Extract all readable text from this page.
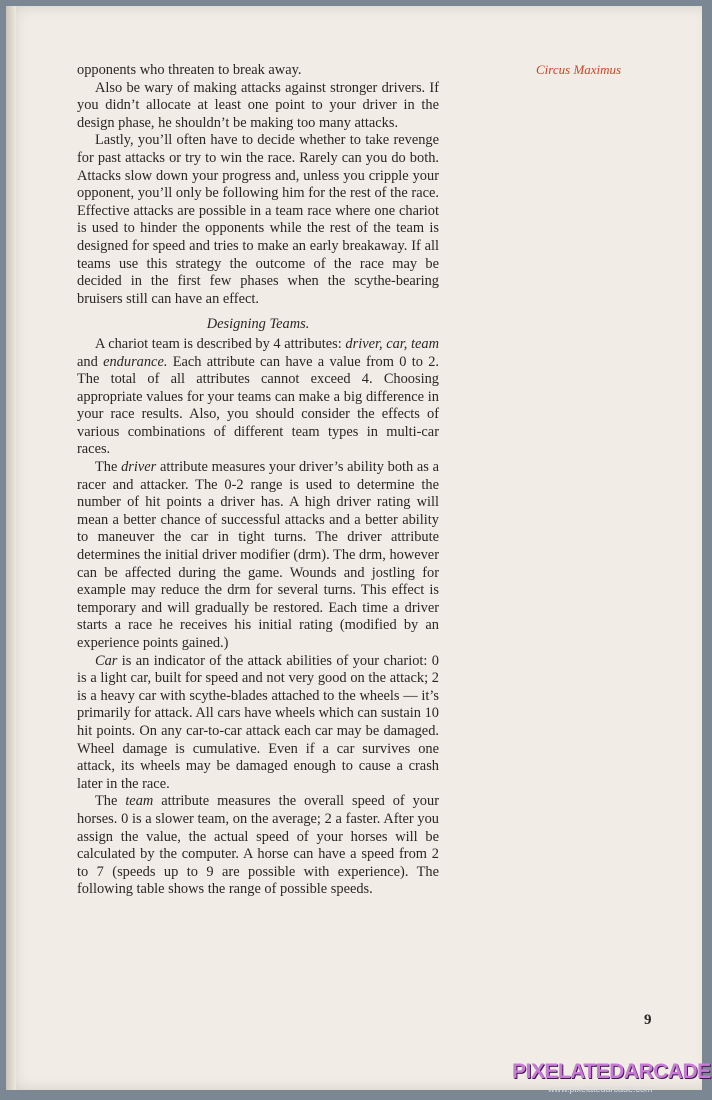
Circus Maximus

opponents who threaten to break away.

Also be wary of making attacks against stronger drivers. If you didn’t allocate at least one point to your driver in the design phase, he shouldn’t be making too many attacks.

Lastly, you’ll often have to decide whether to take revenge for past attacks or try to win the race. Rarely can you do both. Attacks slow down your progress and, unless you cripple your opponent, you’ll only be following him for the rest of the race. Effective attacks are possible in a team race where one chariot is used to hinder the opponents while the rest of the team is designed for speed and tries to make an early breakaway. If all teams use this strategy the outcome of the race may be decided in the first few phases when the scythe-bearing bruisers still can have an effect.

Designing Teams.

A chariot team is described by 4 attributes: driver, car, team and endurance. Each attribute can have a value from 0 to 2. The total of all attributes cannot exceed 4. Choosing appropriate values for your teams can make a big difference in your race results. Also, you should consider the effects of various combinations of different team types in multi-car races.

The driver attribute measures your driver’s ability both as a racer and attacker. The 0-2 range is used to determine the number of hit points a driver has. A high driver rating will mean a better chance of successful attacks and a better ability to maneuver the car in tight turns. The driver attribute determines the initial driver modifier (drm). The drm, however can be affected during the game. Wounds and jostling for example may reduce the drm for several turns. This effect is temporary and will gradually be restored. Each time a driver starts a race he receives his initial rating (modified by an experience points gained.)

Car is an indicator of the attack abilities of your chariot: 0 is a light car, built for speed and not very good on the attack; 2 is a heavy car with scythe-blades attached to the wheels — it’s primarily for attack. All cars have wheels which can sustain 10 hit points. On any car-to-car attack each car may be damaged. Wheel damage is cumulative. Even if a car survives one attack, its wheels may be damaged enough to cause a crash later in the race.

The team attribute measures the overall speed of your horses. 0 is a slower team, on the average; 2 a faster. After you assign the value, the actual speed of your horses will be calculated by the computer. A horse can have a speed from 2 to 7 (speeds up to 9 are possible with experience). The following table shows the range of possible speeds.

9
PIXELATEDARCADE
www.pixelatedarcade.com
